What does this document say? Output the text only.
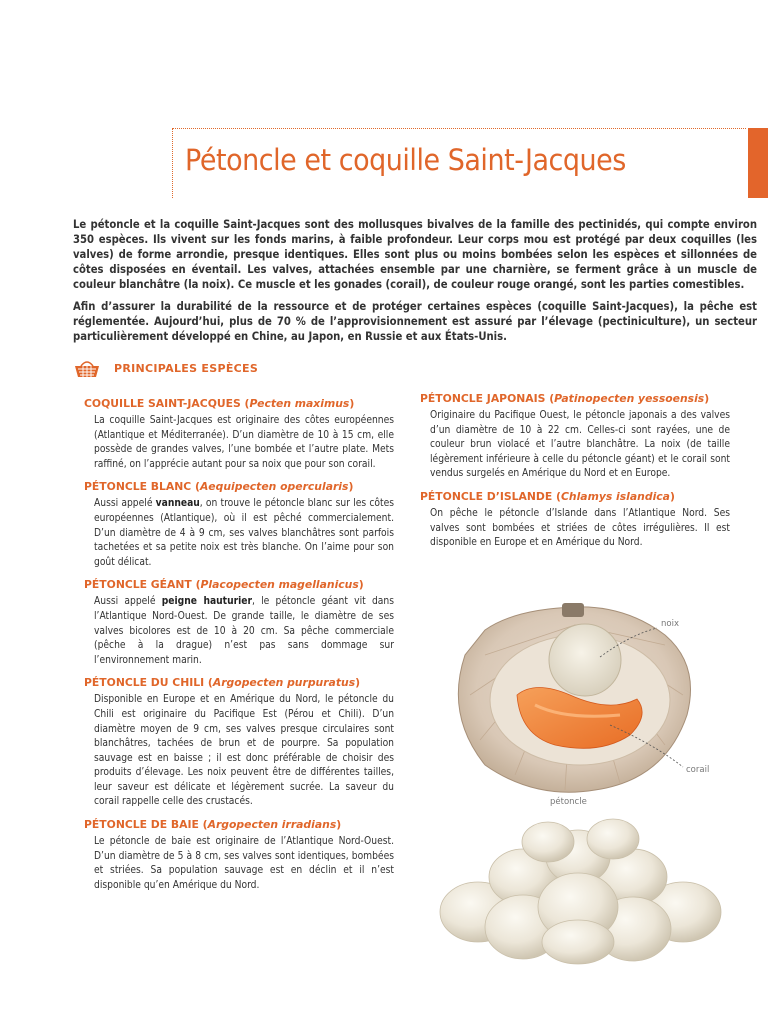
Pétoncle et coquille Saint-Jacques

Le pétoncle et la coquille Saint-Jacques sont des mollusques bivalves de la famille des pectinidés, qui compte environ 350 espèces. Ils vivent sur les fonds marins, à faible profondeur. Leur corps mou est protégé par deux coquilles (les valves) de forme arrondie, presque identiques. Elles sont plus ou moins bombées selon les espèces et sillonnées de côtes disposées en éventail. Les valves, attachées ensemble par une charnière, se ferment grâce à un muscle de couleur blanchâtre (la noix). Ce muscle et les gonades (corail), de couleur rouge orangé, sont les parties comestibles.

Afin d’assurer la durabilité de la ressource et de protéger certaines espèces (coquille Saint-Jacques), la pêche est réglementée. Aujourd’hui, plus de 70 % de l’approvisionnement est assuré par l’élevage (pectiniculture), un secteur particulièrement développé en Chine, au Japon, en Russie et aux États-Unis.

PRINCIPALES ESPÈCES
COQUILLE SAINT-JACQUES (Pecten maximus)

La coquille Saint-Jacques est originaire des côtes européennes (Atlantique et Méditerranée). D’un diamètre de 10 à 15 cm, elle possède de grandes valves, l’une bombée et l’autre plate. Mets raffiné, on l’apprécie autant pour sa noix que pour son corail.

PÉTONCLE BLANC (Aequipecten opercularis)

Aussi appelé vanneau, on trouve le pétoncle blanc sur les côtes européennes (Atlantique), où il est pêché commercialement. D’un diamètre de 4 à 9 cm, ses valves blanchâtres sont parfois tachetées et sa petite noix est très blanche. On l’aime pour son goût délicat.

PÉTONCLE GÉANT (Placopecten magellanicus)

Aussi appelé peigne hauturier, le pétoncle géant vit dans l’Atlantique Nord-Ouest. De grande taille, le diamètre de ses valves bicolores est de 10 à 20 cm. Sa pêche commerciale (pêche à la drague) n’est pas sans dommage sur l’environnement marin.

PÉTONCLE DU CHILI (Argopecten purpuratus)

Disponible en Europe et en Amérique du Nord, le pétoncle du Chili est originaire du Pacifique Est (Pérou et Chili). D’un diamètre moyen de 9 cm, ses valves presque circulaires sont blanchâtres, tachées de brun et de pourpre. Sa population sauvage est en baisse ; il est donc préférable de choisir des produits d’élevage. Les noix peuvent être de différentes tailles, leur saveur est délicate et légèrement sucrée. La saveur du corail rappelle celle des crustacés.

PÉTONCLE DE BAIE (Argopecten irradians)

Le pétoncle de baie est originaire de l’Atlantique Nord-Ouest. D’un diamètre de 5 à 8 cm, ses valves sont identiques, bombées et striées. Sa population sauvage est en déclin et il n’est disponible qu’en Amérique du Nord.

PÉTONCLE JAPONAIS (Patinopecten yessoensis)

Originaire du Pacifique Ouest, le pétoncle japonais a des valves d’un diamètre de 10 à 22 cm. Celles-ci sont rayées, une de couleur brun violacé et l’autre blanchâtre. La noix (de taille légèrement inférieure à celle du pétoncle géant) et le corail sont vendus surgelés en Amérique du Nord et en Europe.

PÉTONCLE D’ISLANDE (Chlamys islandica)

On pêche le pétoncle d’Islande dans l’Atlantique Nord. Ses valves sont bombées et striées de côtes irrégulières. Il est disponible en Europe et en Amérique du Nord.

noix
corail
pétoncle
